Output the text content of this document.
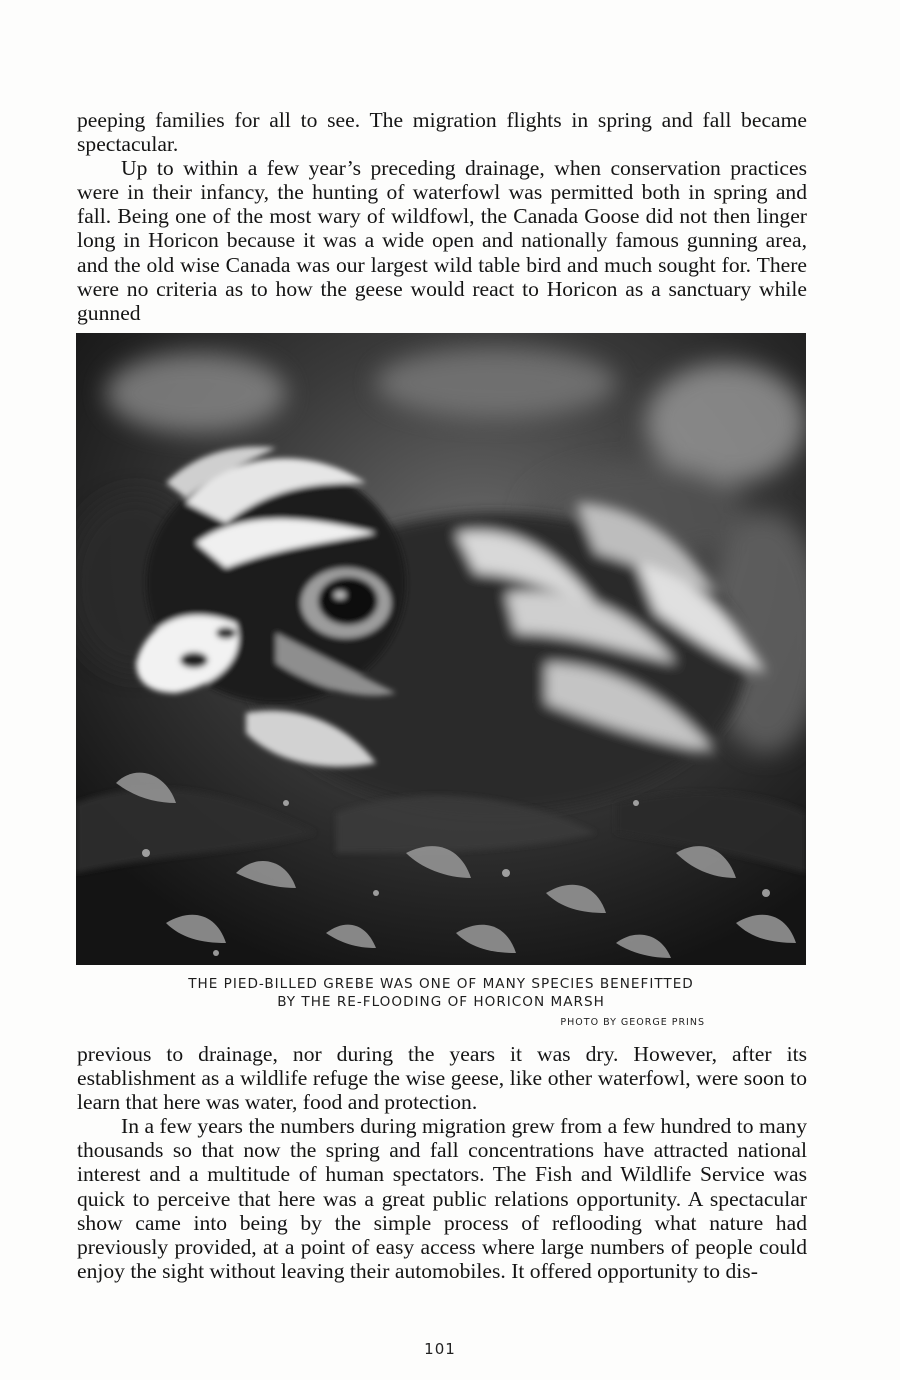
peeping families for all to see. The migration flights in spring and fall became spectacular.

Up to within a few year’s preceding drainage, when conservation practices were in their infancy, the hunting of waterfowl was permitted both in spring and fall. Being one of the most wary of wildfowl, the Canada Goose did not then linger long in Horicon because it was a wide open and nationally famous gunning area, and the old wise Canada was our largest wild table bird and much sought for. There were no criteria as to how the geese would react to Horicon as a sanctuary while gunned

THE PIED-BILLED GREBE WAS ONE OF MANY SPECIES BENEFITTED
BY THE RE-FLOODING OF HORICON MARSH
PHOTO BY GEORGE PRINS

previous to drainage, nor during the years it was dry. However, after its establishment as a wildlife refuge the wise geese, like other waterfowl, were soon to learn that here was water, food and protection.

In a few years the numbers during migration grew from a few hundred to many thousands so that now the spring and fall concentrations have attracted national interest and a multitude of human spectators. The Fish and Wildlife Service was quick to perceive that here was a great public relations opportunity. A spectacular show came into being by the simple process of reflooding what nature had previously provided, at a point of easy access where large numbers of people could enjoy the sight without leaving their automobiles. It offered opportunity to dis-

101
